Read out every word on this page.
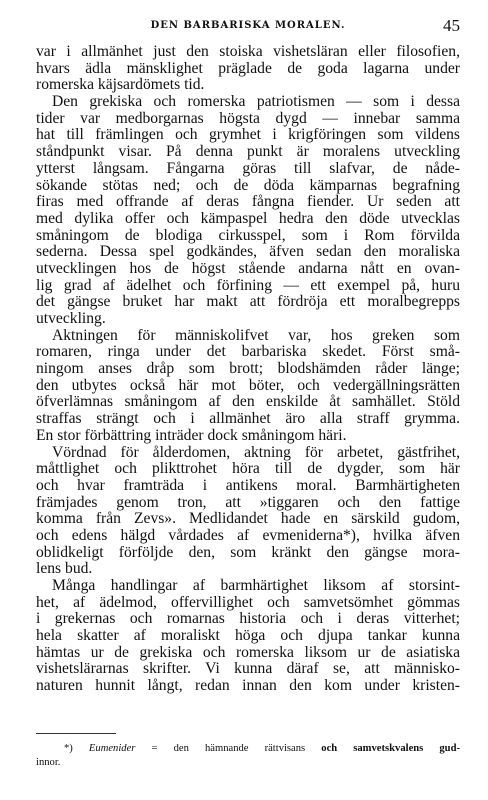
DEN BARBARISKA MORALEN.	45
var i allmänhet just den stoiska vishetsläran eller filosofien,
hvars ädla mänsklighet präglade de goda lagarna under
romerska käjsardömets tid.
Den grekiska och romerska patriotismen — som i dessa
tider var medborgarnas högsta dygd — innebar samma
hat till främlingen och grymhet i krigföringen som vildens
ståndpunkt visar. På denna punkt är moralens utveckling
ytterst långsam. Fångarna göras till slafvar, de nåde-
sökande stötas ned; och de döda kämparnas begrafning
firas med offrande af deras fångna fiender. Ur seden att
med dylika offer och kämpaspel hedra den döde utvecklas
småningom de blodiga cirkusspel, som i Rom förvilda
sederna. Dessa spel godkändes, äfven sedan den moraliska
utvecklingen hos de högst stående andarna nått en ovan-
lig grad af ädelhet och förfining — ett exempel på, huru
det gängse bruket har makt att fördröja ett moralbegrepps
utveckling.
Aktningen för människolifvet var, hos greken som
romaren, ringa under det barbariska skedet. Först små-
ningom anses dråp som brott; blodshämden råder länge;
den utbytes också här mot böter, och vedergällningsrätten
öfverlämnas småningom af den enskilde åt samhället. Stöld
straffas strängt och i allmänhet äro alla straff grymma.
En stor förbättring inträder dock småningom häri.
Vördnad för ålderdomen, aktning för arbetet, gästfrihet,
måttlighet och plikttrohet höra till de dygder, som här
och hvar framträda i antikens moral. Barmhärtigheten
främjades genom tron, att »tiggaren och den fattige
komma från Zevs». Medlidandet hade en särskild gudom,
och edens hälgd vårdades af evmeniderna*), hvilka äfven
oblidkeligt förföljde den, som kränkt den gängse mora-
lens bud.
Många handlingar af barmhärtighet liksom af storsint-
het, af ädelmod, offervillighet och samvetsömhet gömmas
i grekernas och romarnas historia och i deras vitterhet;
hela skatter af moraliskt höga och djupa tankar kunna
hämtas ur de grekiska och romerska liksom ur de asiatiska
vishetslärarnas skrifter. Vi kunna däraf se, att människo-
naturen hunnit långt, redan innan den kom under kristen-
*) Eumenider = den hämnande rättvisans och samvetskvalens gud-
innor.
